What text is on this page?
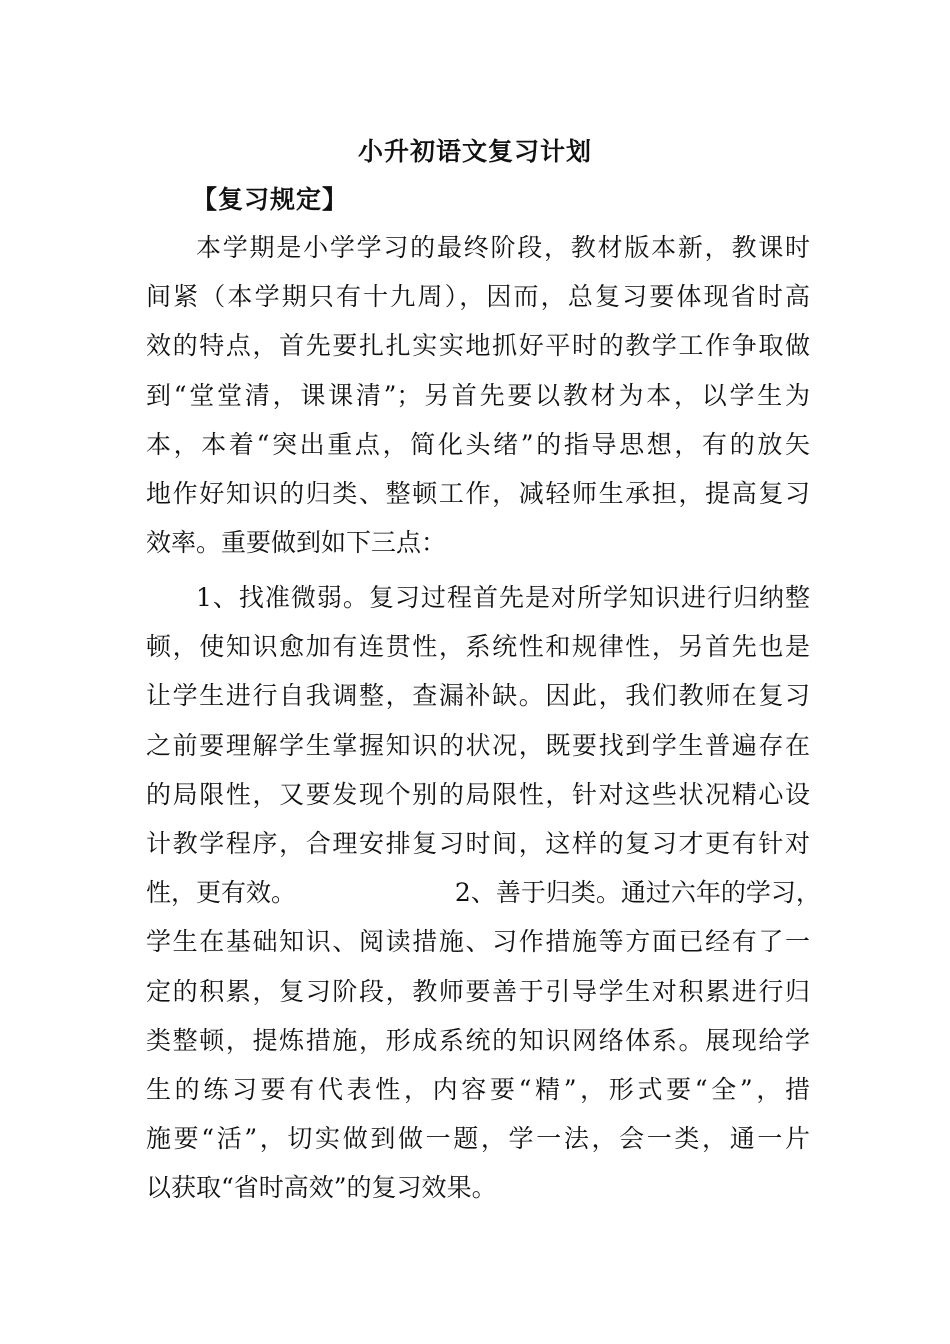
小升初语文复习计划
【复习规定】
本学期是小学学习的最终阶段，教材版本新，教课时
间紧（本学期只有十九周），因而，总复习要体现省时高
效的特点，首先要扎扎实实地抓好平时的教学工作争取做
到“堂堂清，课课清”；另首先要以教材为本，以学生为
本，本着“突出重点，简化头绪”的指导思想，有的放矢
地作好知识的归类、整顿工作，减轻师生承担，提高复习
效率。重要做到如下三点：
1、找准微弱。复习过程首先是对所学知识进行归纳整
顿，使知识愈加有连贯性，系统性和规律性，另首先也是
让学生进行自我调整，查漏补缺。因此，我们教师在复习
之前要理解学生掌握知识的状况，既要找到学生普遍存在
的局限性，又要发现个别的局限性，针对这些状况精心设
计教学程序，合理安排复习时间，这样的复习才更有针对
性，更有效。                    2、善于归类。通过六年的学习，
学生在基础知识、阅读措施、习作措施等方面已经有了一
定的积累，复习阶段，教师要善于引导学生对积累进行归
类整顿，提炼措施，形成系统的知识网络体系。展现给学
生的练习要有代表性，内容要“精”，形式要“全”，措
施要“活”，切实做到做一题，学一法，会一类，通一片
以获取“省时高效”的复习效果。
